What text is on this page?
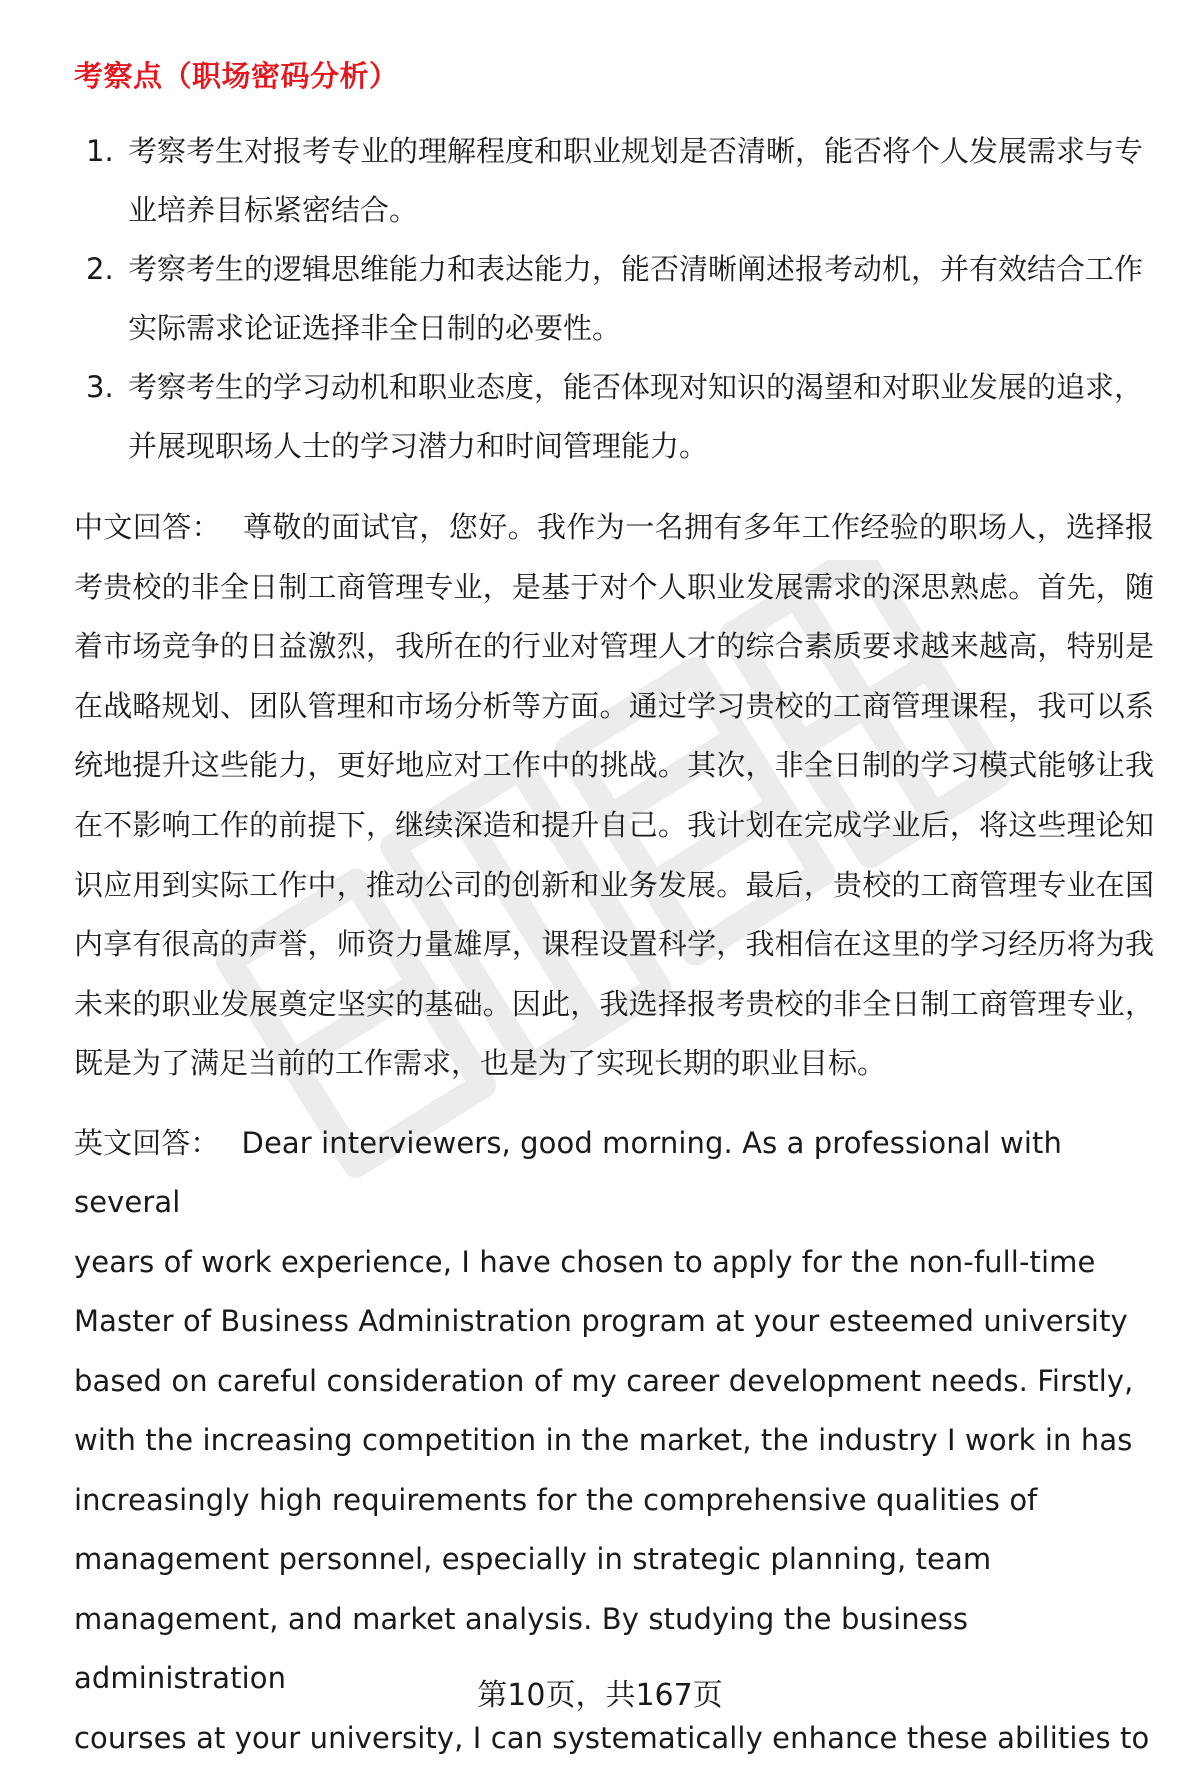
考察点（职场密码分析）
1. 考察考生对报考专业的理解程度和职业规划是否清晰，能否将个人发展需求与专业培养目标紧密结合。
2. 考察考生的逻辑思维能力和表达能力，能否清晰阐述报考动机，并有效结合工作实际需求论证选择非全日制的必要性。
3. 考察考生的学习动机和职业态度，能否体现对知识的渴望和对职业发展的追求，并展现职场人士的学习潜力和时间管理能力。

中文回答： 尊敬的面试官，您好。我作为一名拥有多年工作经验的职场人，选择报考贵校的非全日制工商管理专业，是基于对个人职业发展需求的深思熟虑。首先，随着市场竞争的日益激烈，我所在的行业对管理人才的综合素质要求越来越高，特别是在战略规划、团队管理和市场分析等方面。通过学习贵校的工商管理课程，我可以系统地提升这些能力，更好地应对工作中的挑战。其次，非全日制的学习模式能够让我在不影响工作的前提下，继续深造和提升自己。我计划在完成学业后，将这些理论知识应用到实际工作中，推动公司的创新和业务发展。最后，贵校的工商管理专业在国内享有很高的声誉，师资力量雄厚，课程设置科学，我相信在这里的学习经历将为我未来的职业发展奠定坚实的基础。因此，我选择报考贵校的非全日制工商管理专业，既是为了满足当前的工作需求，也是为了实现长期的职业目标。

英文回答： Dear interviewers, good morning. As a professional with several
years of work experience, I have chosen to apply for the non-full-time
Master of Business Administration program at your esteemed university
based on careful consideration of my career development needs. Firstly,
with the increasing competition in the market, the industry I work in has
increasingly high requirements for the comprehensive qualities of
management personnel, especially in strategic planning, team
management, and market analysis. By studying the business administration
courses at your university, I can systematically enhance these abilities to
第10页，共167页
